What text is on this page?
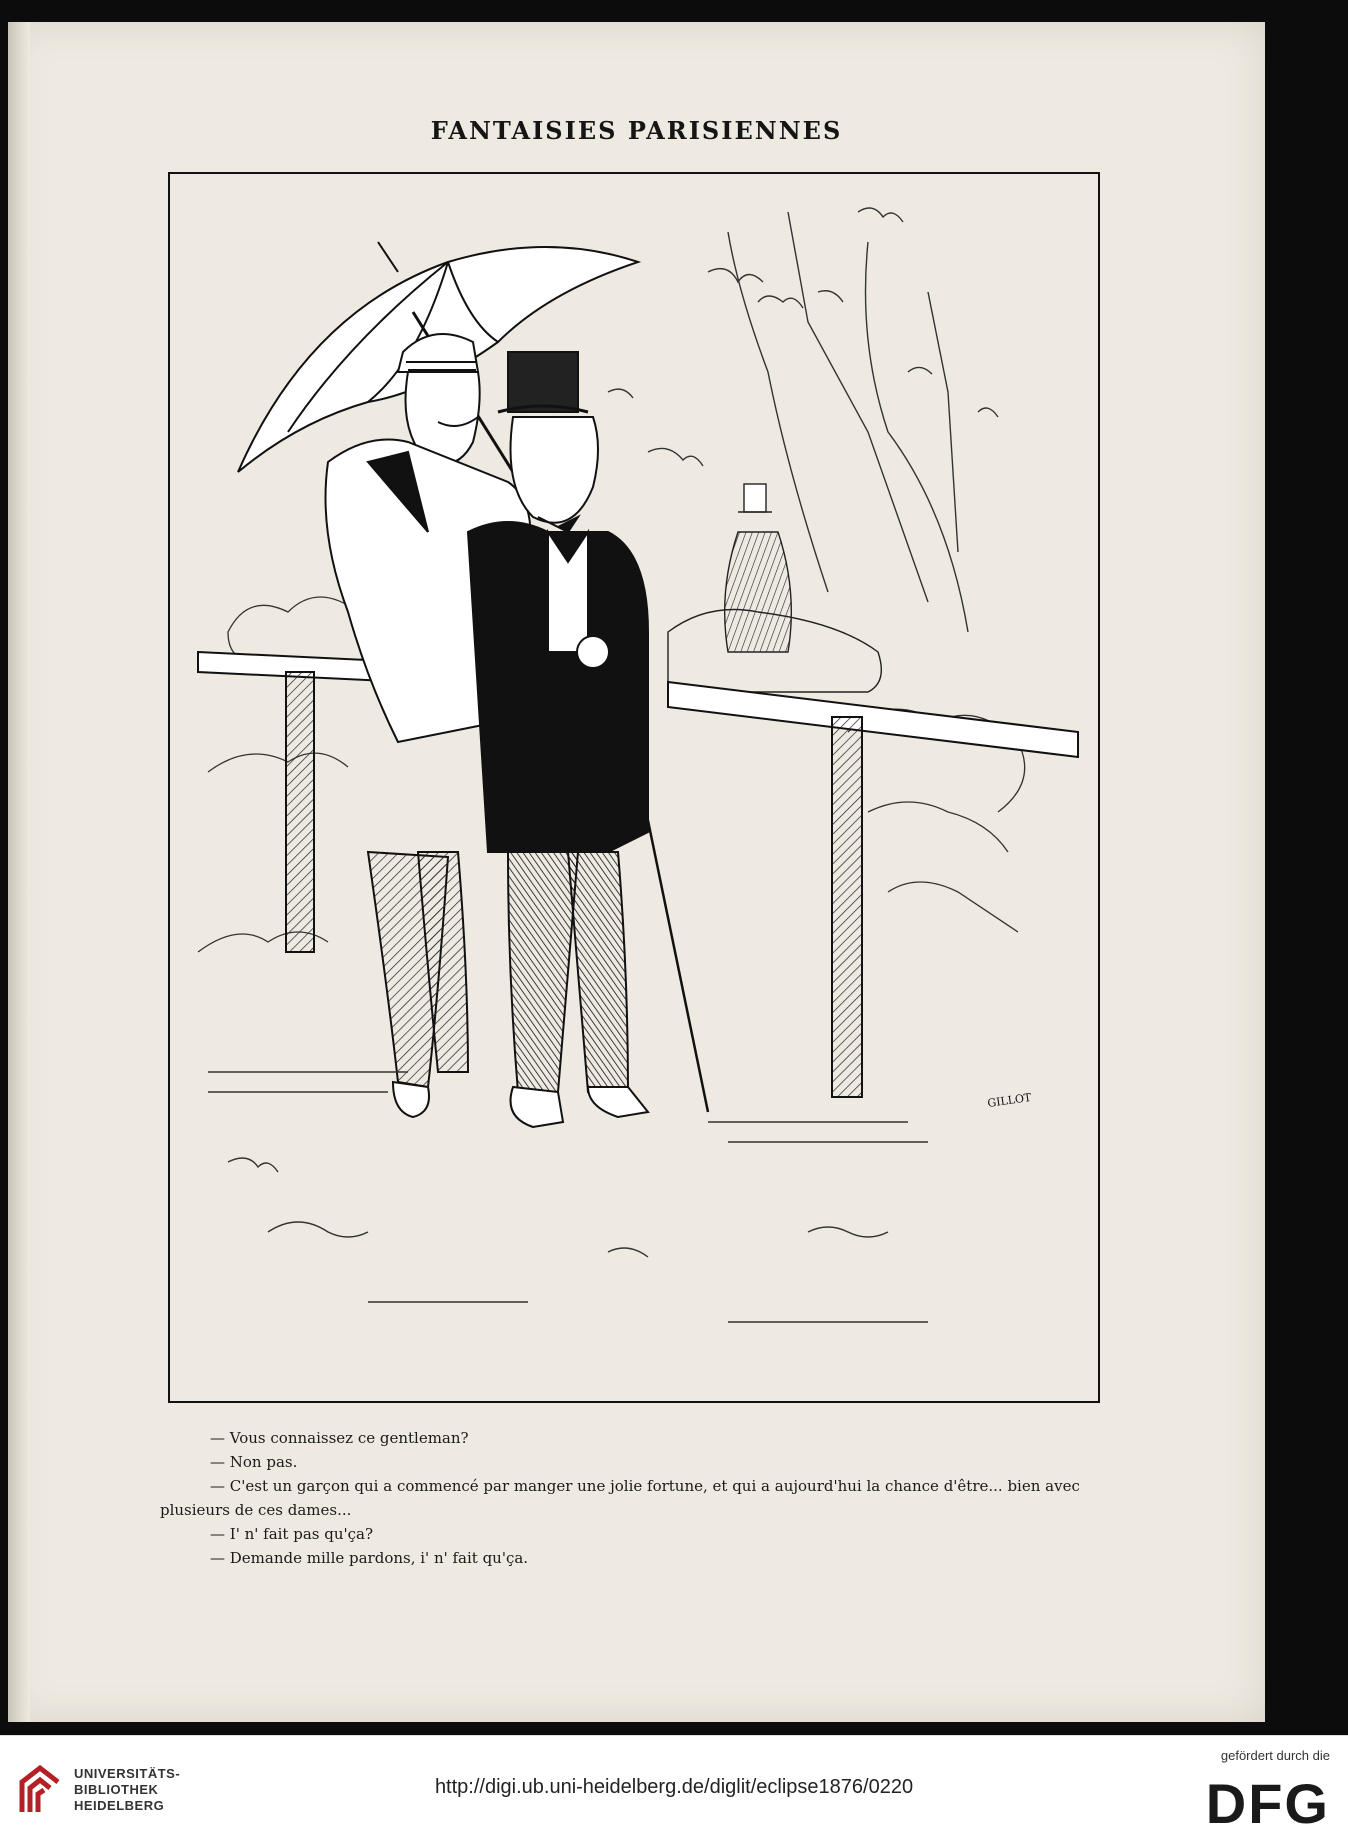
FANTAISIES PARISIENNES
GILLOT

— Vous connaissez ce gentleman?

— Non pas.

— C'est un garçon qui a commencé par manger une jolie fortune, et qui a aujourd'hui la chance d'être... bien avec

plusieurs de ces dames...

— I' n' fait pas qu'ça?

— Demande mille pardons, i' n' fait qu'ça.

UNIVERSITÄTS-
BIBLIOTHEK
HEIDELBERG
http://digi.ub.uni-heidelberg.de/diglit/eclipse1876/0220
gefördert durch die
DFG
